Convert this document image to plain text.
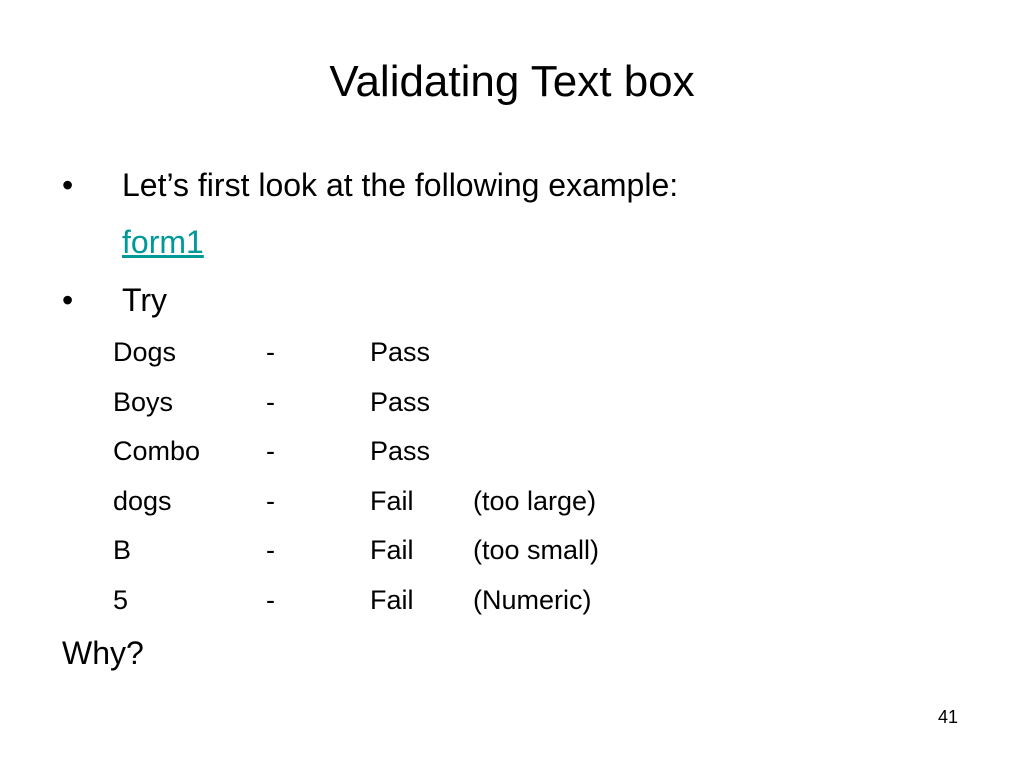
Validating Text box
• Let’s first look at the following example:
form1
• Try
Dogs	-	Pass
Boys	-	Pass
Combo -	Pass
dogs	-	Fail (too large)
B	-	Fail (too small)
5	-	Fail (Numeric)
Why?
41
